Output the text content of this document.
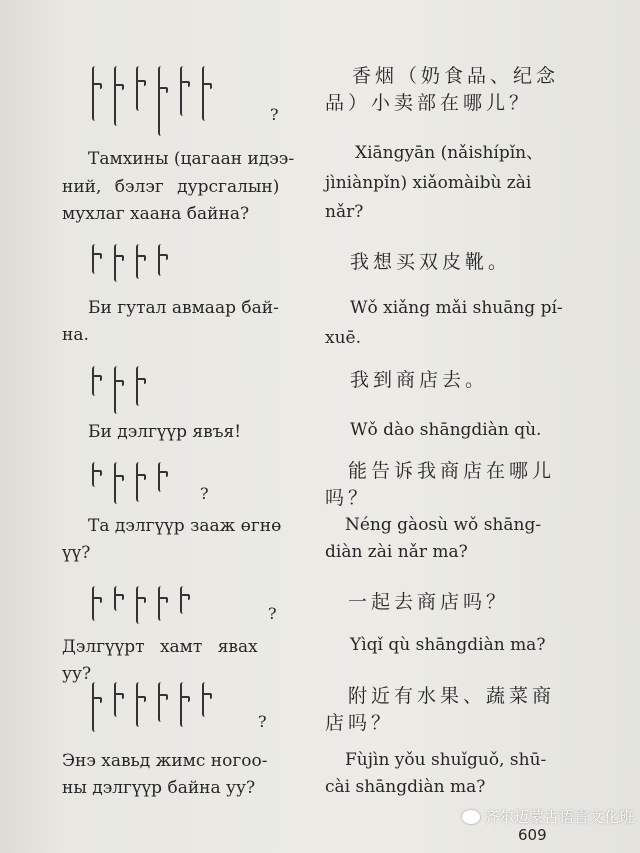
?
?
?
?
Тамхины (цагаан идээ-
ний, бэлэг дурсгалын)
мухлаг хаана байна?
Би гутал авмаар бай-
на.
Би дэлгүүр явъя!
Та дэлгүүр зааж өгнө
үү?
Дэлгүүрт хамт явах
уу?
Энэ хавьд жимс ногоо-
ны дэлгүүр байна уу?
香烟（奶食品、纪念
品）小卖部在哪儿？
Xiāngyān (nǎishípǐn、
jìniànpǐn) xiǎomàibù zài
nǎr?
我想买双皮靴。
Wǒ xiǎng mǎi shuāng pí-
xuē.
我到商店去。
Wǒ dào shāngdiàn qù.
能告诉我商店在哪儿
吗？
Néng gàosù wǒ shāng-
diàn zài nǎr ma?
一起去商店吗？
Yìqǐ qù shāngdiàn ma?
附近有水果、蔬菜商
店吗？
Fùjìn yǒu shuǐguǒ, shū-
cài shāngdiàn ma?
609
齐尔迈蒙古语言文化班
